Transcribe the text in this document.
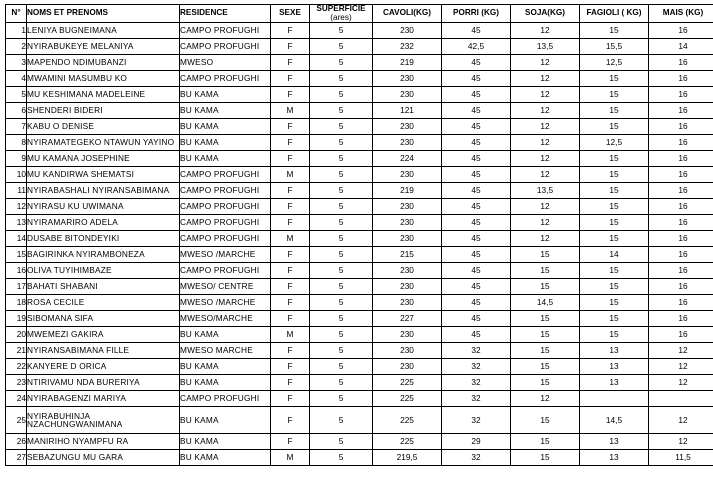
N°	NOMS ET PRENOMS	RESIDENCE	SEXE	SUPERFICIE
(ares)	CAVOLI(KG)	PORRI (KG)	SOJA(KG)	FAGIOLI ( KG)	MAIS (KG)
1	LENIYA BUGNEIMANA	CAMPO PROFUGHI	F	5	230	45	12	15	16
2	NYIRABUKEYE MELANIYA	CAMPO PROFUGHI	F	5	232	42,5	13,5	15,5	14
3	MAPENDO NDIMUBANZI	MWESO	F	5	219	45	12	12,5	16
4	MWAMINI MASUMBU KO	CAMPO PROFUGHI	F	5	230	45	12	15	16
5	MU KESHIMANA MADELEINE	BU KAMA	F	5	230	45	12	15	16
6	SHENDERI BIDERI	BU KAMA	M	5	121	45	12	15	16
7	KABU O DENISE	BU KAMA	F	5	230	45	12	15	16
8	NYIRAMATEGEKO NTAWUN YAYINO	BU KAMA	F	5	230	45	12	12,5	16
9	MU KAMANA JOSEPHINE	BU KAMA	F	5	224	45	12	15	16
10	MU KANDIRWA SHEMATSI	CAMPO PROFUGHI	M	5	230	45	12	15	16
11	NYIRABASHALI NYIRANSABIMANA	CAMPO PROFUGHI	F	5	219	45	13,5	15	16
12	NYIRASU KU UWIMANA	CAMPO PROFUGHI	F	5	230	45	12	15	16
13	NYIRAMARIRO ADELA	CAMPO PROFUGHI	F	5	230	45	12	15	16
14	DUSABE BITONDEYIKI	CAMPO PROFUGHI	M	5	230	45	12	15	16
15	BAGIRINKA NYIRAMBONEZA	MWESO /MARCHE	F	5	215	45	15	14	16
16	OLIVA TUYIHIMBAZE	CAMPO PROFUGHI	F	5	230	45	15	15	16
17	BAHATI SHABANI	MWESO/ CENTRE	F	5	230	45	15	15	16
18	ROSA CECILE	MWESO /MARCHE	F	5	230	45	14,5	15	16
19	SIBOMANA SIFA	MWESO/MARCHE	F	5	227	45	15	15	16
20	MWEMEZI GAKIRA	BU KAMA	M	5	230	45	15	15	16
21	NYIRANSABIMANA FILLE	MWESO MARCHE	F	5	230	32	15	13	12
22	KANYERE D ORICA	BU KAMA	F	5	230	32	15	13	12
23	NTIRIVAMU NDA BURERIYA	BU KAMA	F	5	225	32	15	13	12
24	NYIRABAGENZI MARIYA	CAMPO PROFUGHI	F	5	225	32	12		
25	NYIRABUHINJA
NZACHUNGWANIMANA	BU KAMA	F	5	225	32	15	14,5	12
26	MANIRIHO NYAMPFU RA	BU KAMA	F	5	225	29	15	13	12
27	SEBAZUNGU MU GARA	BU KAMA	M	5	219,5	32	15	13	11,5
